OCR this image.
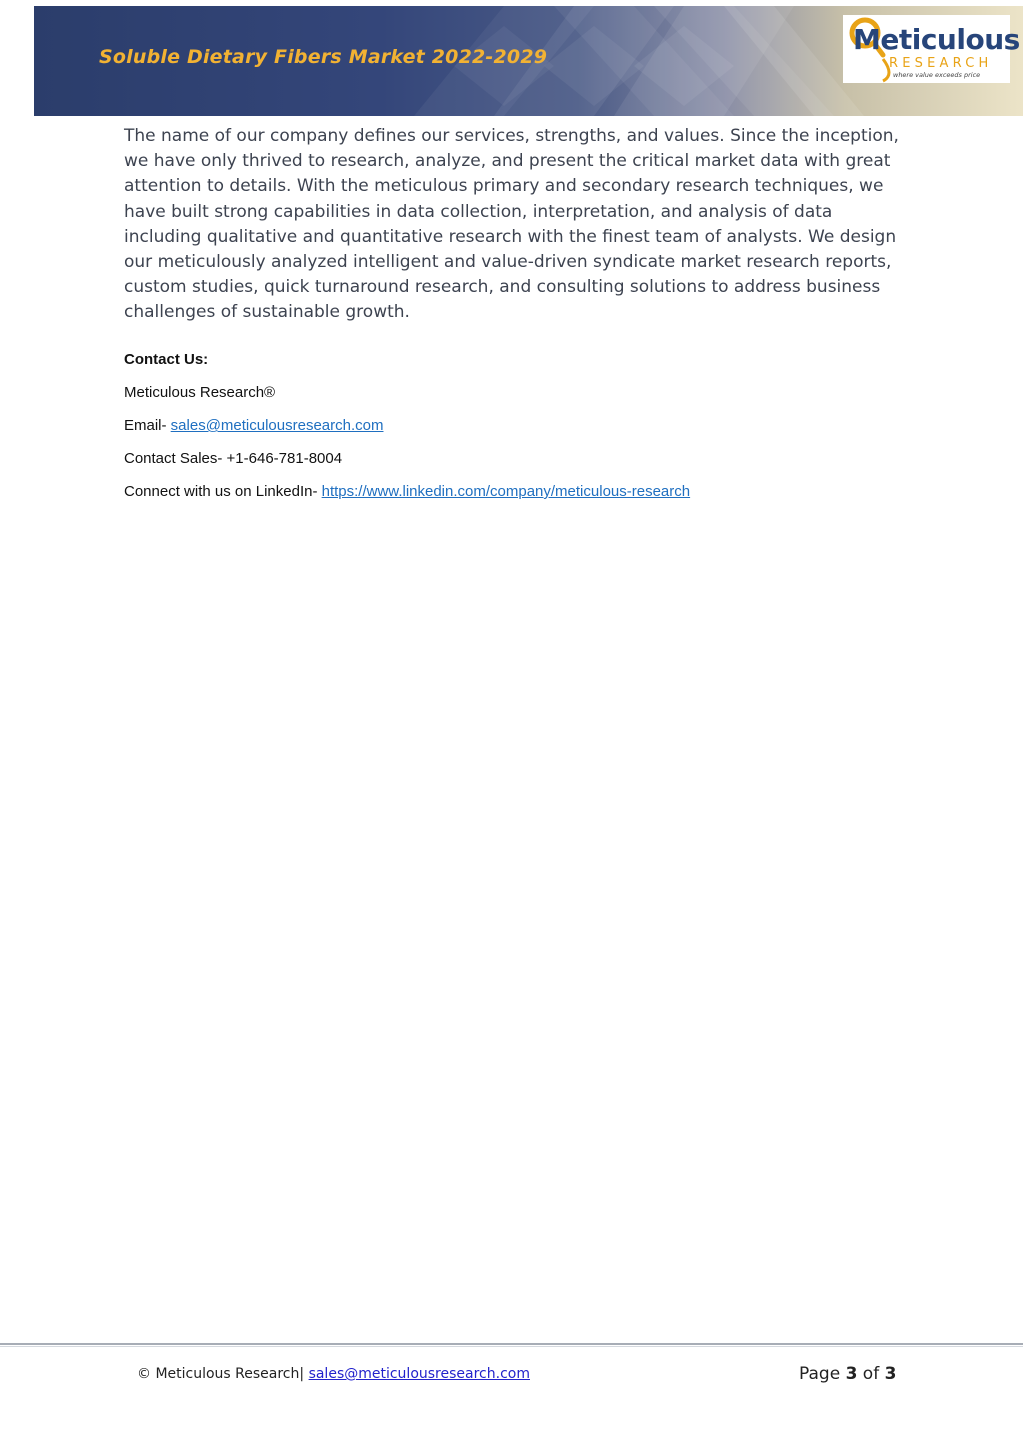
Soluble Dietary Fibers Market 2022-2029
Meticulous
RESEARCH
where value exceeds price

The name of our company defines our services, strengths, and values. Since the inception, we have only thrived to research, analyze, and present the critical market data with great attention to details. With the meticulous primary and secondary research techniques, we have built strong capabilities in data collection, interpretation, and analysis of data including qualitative and quantitative research with the finest team of analysts. We design our meticulously analyzed intelligent and value-driven syndicate market research reports, custom studies, quick turnaround research, and consulting solutions to address business challenges of sustainable growth.

Contact Us:
Meticulous Research®
Email- sales@meticulousresearch.com
Contact Sales- +1-646-781-8004
Connect with us on LinkedIn- https://www.linkedin.com/company/meticulous-research
© Meticulous Research| sales@meticulousresearch.com	Page 3 of 3
